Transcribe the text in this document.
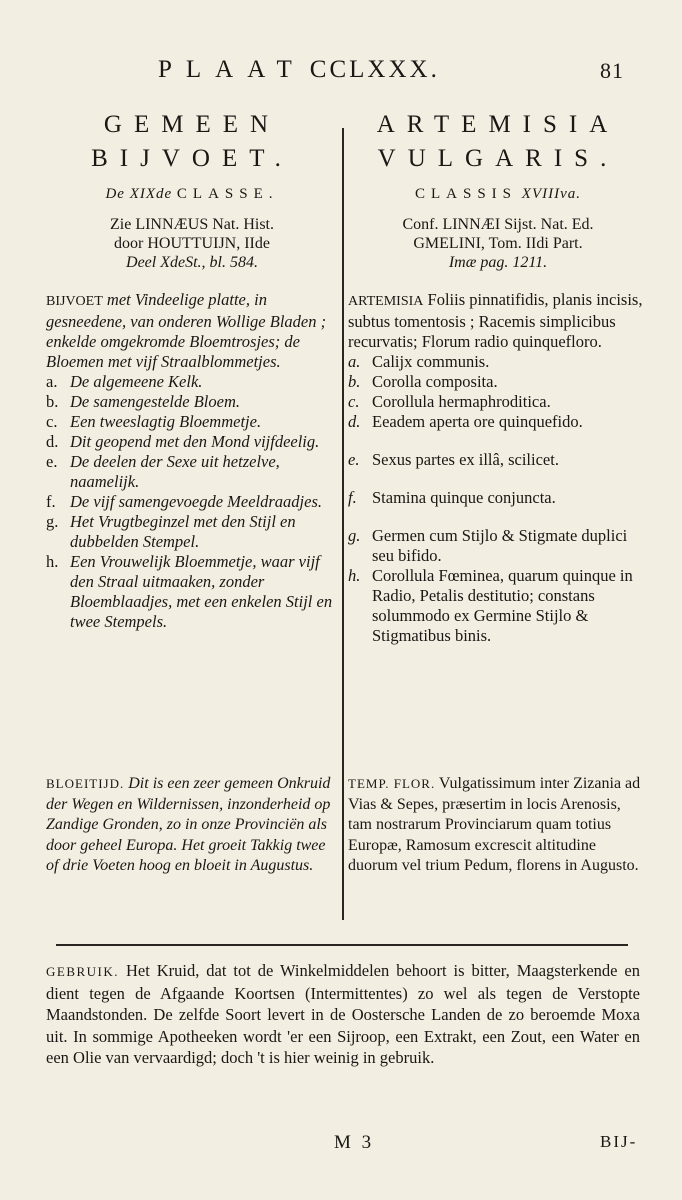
PLAAT CCLXXX.	81
GEMEEN
BIJVOET.
De XIXde CLASSE.
Zie LINNÆUS Nat. Hist.
door HOUTTUIJN, IIde
Deel XdeSt., bl. 584.
BIJVOET met Vindeelige platte, in gesneedene, van onderen Wollige Bladen ; enkelde omgekromde Bloemtrosjes; de Bloemen met vijf Straalblommetjes.
a. De algemeene Kelk.
b. De samengestelde Bloem.
c. Een tweeslagtig Bloemmetje.
d. Dit geopend met den Mond vijfdeelig.
e. De deelen der Sexe uit hetzelve, naamelijk.
f. De vijf samengevoegde Meeldraadjes.
g. Het Vrugtbeginzel met den Stijl en dubbelden Stempel.
h. Een Vrouwelijk Bloemmetje, waar vijf den Straal uitmaaken, zonder Bloemblaadjes, met een enkelen Stijl en twee Stempels.
ARTEMISIA
VULGARIS.
CLASSIS XVIIIva.
Conf. LINNÆI Sijst. Nat. Ed.
GMELINI, Tom. IIdi Part.
Imæ pag. 1211.
ARTEMISIA Foliis pinnatifidis, planis incisis, subtus tomentosis ; Racemis simplicibus recurvatis; Florum radio quinquefloro.
a. Calijx communis.
b. Corolla composita.
c. Corollula hermaphroditica.
d. Eeadem aperta ore quinquefido.
e. Sexus partes ex illâ, scilicet.
f. Stamina quinque conjuncta.
g. Germen cum Stijlo & Stigmate duplici seu bifido.
h. Corollula Fœminea, quarum quinque in Radio, Petalis destitutio; constans solummodo ex Germine Stijlo & Stigmatibus binis.
BLOEITIJD. Dit is een zeer gemeen Onkruid der Wegen en Wildernissen, inzonderheid op Zandige Gronden, zo in onze Provinciën als door geheel Europa. Het groeit Takkig twee of drie Voeten hoog en bloeit in Augustus.
TEMP. FLOR. Vulgatissimum inter Zizania ad Vias & Sepes, præsertim in locis Arenosis, tam nostrarum Provinciarum quam totius Europæ, Ramosum excrescit altitudine duorum vel trium Pedum, florens in Augusto.
GEBRUIK. Het Kruid, dat tot de Winkelmiddelen behoort is bitter, Maagsterkende en dient tegen de Afgaande Koortsen (Intermittentes) zo wel als tegen de Verstopte Maandstonden. De zelfde Soort levert in de Oostersche Landen de zo beroemde Moxa uit. In sommige Apotheeken wordt 'er een Sijroop, een Extrakt, een Zout, een Water en een Olie van vervaardigd; doch 't is hier weinig in gebruik.
M 3	BIJ-
